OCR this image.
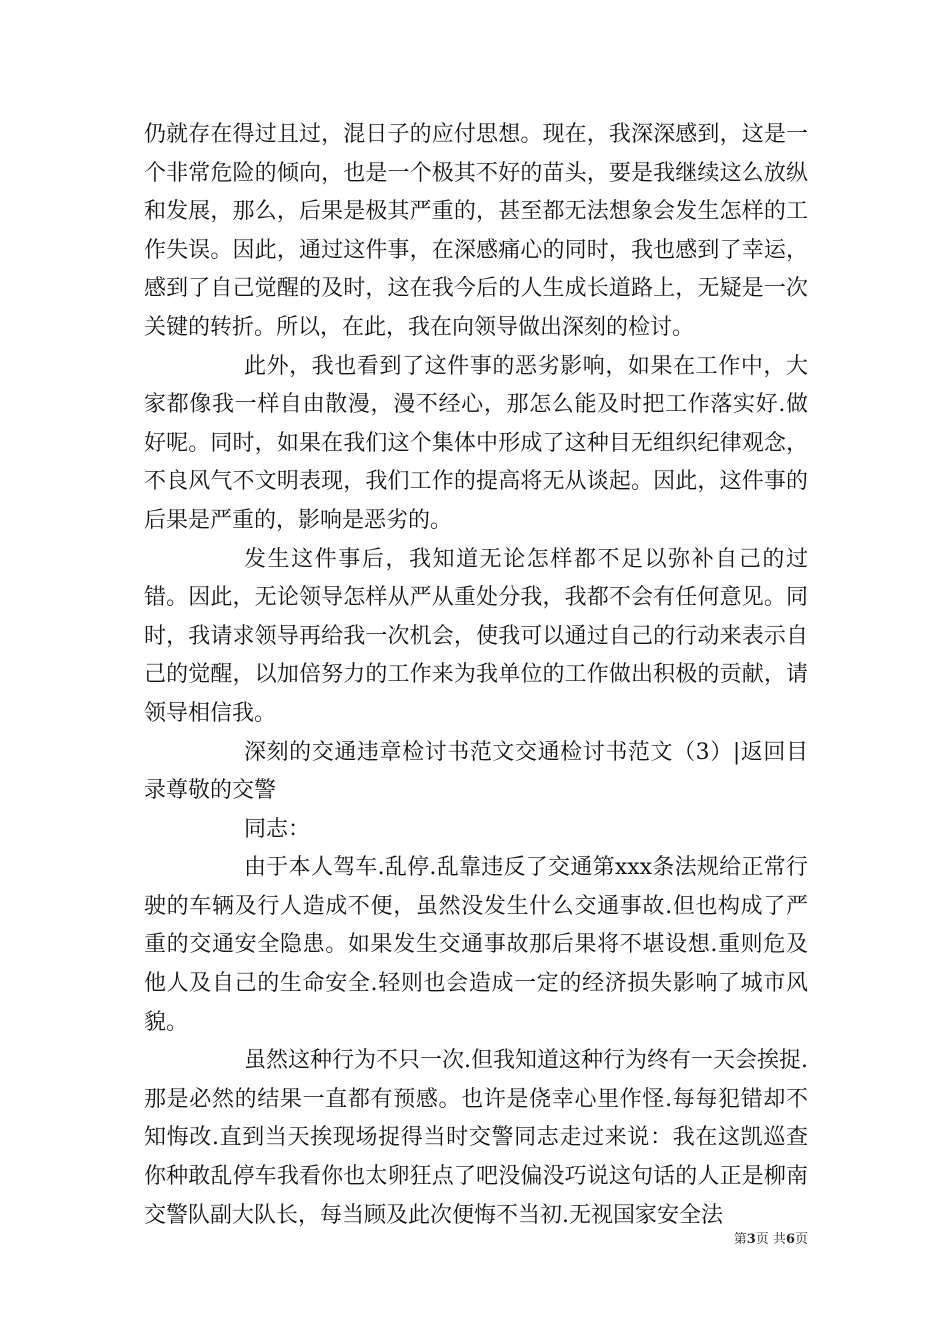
仍就存在得过且过，混日子的应付思想。现在，我深深感到，这是一个非常危险的倾向，也是一个极其不好的苗头，要是我继续这么放纵和发展，那么，后果是极其严重的，甚至都无法想象会发生怎样的工作失误。因此，通过这件事，在深感痛心的同时，我也感到了幸运，感到了自己觉醒的及时，这在我今后的人生成长道路上，无疑是一次关键的转折。所以，在此，我在向领导做出深刻的检讨。

此外，我也看到了这件事的恶劣影响，如果在工作中，大家都像我一样自由散漫，漫不经心，那怎么能及时把工作落实好.做好呢。同时，如果在我们这个集体中形成了这种目无组织纪律观念，不良风气不文明表现，我们工作的提高将无从谈起。因此，这件事的后果是严重的，影响是恶劣的。

发生这件事后，我知道无论怎样都不足以弥补自己的过错。因此，无论领导怎样从严从重处分我，我都不会有任何意见。同时，我请求领导再给我一次机会，使我可以通过自己的行动来表示自己的觉醒，以加倍努力的工作来为我单位的工作做出积极的贡献，请领导相信我。

深刻的交通违章检讨书范文交通检讨书范文（3）|返回目录尊敬的交警

同志：

由于本人驾车.乱停.乱靠违反了交通第xxx条法规给正常行驶的车辆及行人造成不便，虽然没发生什么交通事故.但也构成了严重的交通安全隐患。如果发生交通事故那后果将不堪设想.重则危及他人及自己的生命安全.轻则也会造成一定的经济损失影响了城市风貌。

虽然这种行为不只一次.但我知道这种行为终有一天会挨捉.那是必然的结果一直都有预感。也许是侥幸心里作怪.每每犯错却不知悔改.直到当天挨现场捉得当时交警同志走过来说：我在这凯巡查你种敢乱停车我看你也太卵狂点了吧没偏没巧说这句话的人正是柳南交警队副大队长，每当顾及此次便悔不当初.无视国家安全法

第3页 共6页
